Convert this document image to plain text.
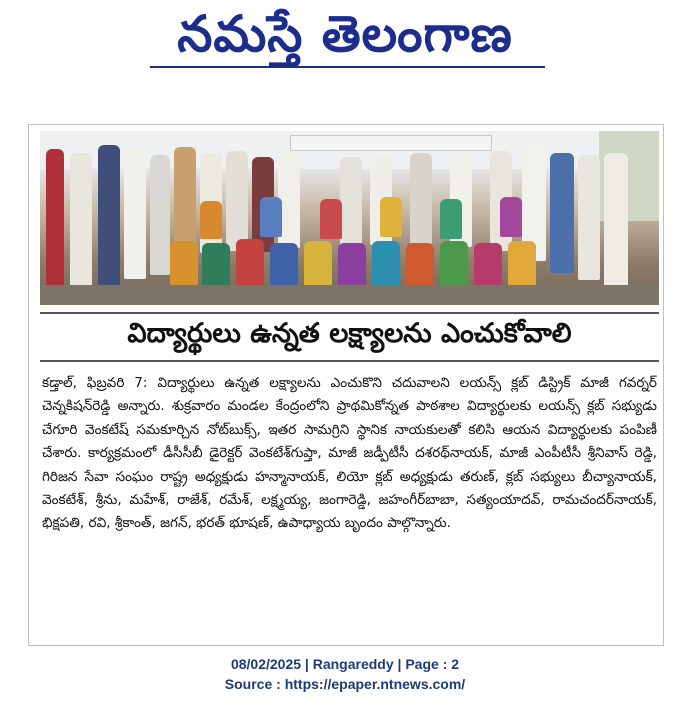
నమస్తే తెలంగాణ
విద్యార్థులు ఉన్నత లక్ష్యాలను ఎంచుకోవాలి
కడ్తాల్, ఫిబ్రవరి 7: విద్యార్థులు ఉన్నత లక్ష్యాలను ఎంచుకొని చదువాలని లయన్స్ క్లబ్ డిస్ట్రిక్ మాజీ గవర్నర్ చెన్నకిషన్‌రెడ్డి అన్నారు. శుక్రవారం మండల కేంద్రంలోని ప్రాథమికోన్నత పాఠశాల విద్యార్థులకు లయన్స్ క్లబ్ సభ్యుడు చేగూరి వెంకటేష్ సమకూర్చిన నోట్‌బుక్స్, ఇతర సామగ్రిని స్థానిక నాయకులతో కలిసి ఆయన విద్యార్థులకు పంపిణీ చేశారు. కార్యక్రమంలో డీసీసీబీ డైరెక్టర్ వెంకటేశ్‌గుప్తా, మాజీ జడ్పీటీసీ దశరథ్‌నాయక్, మాజీ ఎంపీటీసీ శ్రీనివాస్ రెడ్డి, గిరిజన సేవా సంఘం రాష్ట్ర అధ్యక్షుడు హన్మానాయక్, లియో క్లబ్ అధ్యక్షుడు తరుణ్, క్లబ్ సభ్యులు బీచ్యానాయక్, వెంకటేశ్, శ్రీను, మహేశ్, రాజేశ్, రమేశ్, లక్ష్మయ్య, జంగారెడ్డి, జహంగీర్‌బాబా, సత్యంయాదవ్, రామచందర్‌నాయక్, భిక్షపతి, రవి, శ్రీకాంత్, జగన్, భరత్ భూషణ్, ఉపాధ్యాయ బృందం పాల్గొన్నారు.
08/02/2025 | Rangareddy | Page : 2
Source : https://epaper.ntnews.com/
